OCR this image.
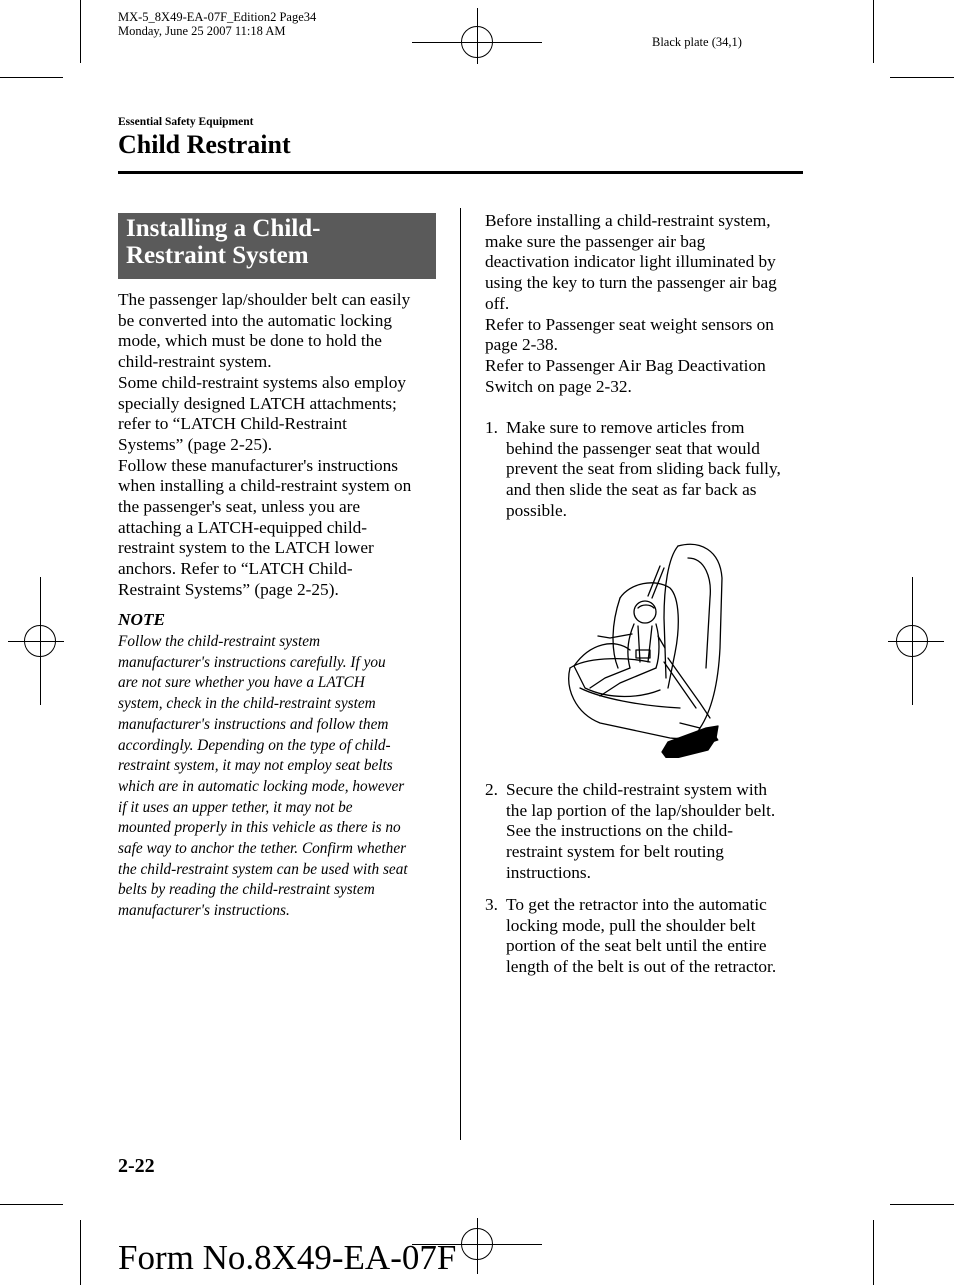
MX-5_8X49-EA-07F_Edition2 Page34
Monday, June 25 2007 11:18 AM
Black plate (34,1)
Essential Safety Equipment
Child Restraint
Installing a Child-
Restraint System
The passenger lap/shoulder belt can easily
be converted into the automatic locking
mode, which must be done to hold the
child-restraint system.
Some child-restraint systems also employ
specially designed LATCH attachments;
refer to “LATCH Child-Restraint
Systems” (page 2-25).
Follow these manufacturer's instructions
when installing a child-restraint system on
the passenger's seat, unless you are
attaching a LATCH-equipped child-
restraint system to the LATCH lower
anchors. Refer to “LATCH Child-
Restraint Systems” (page 2-25).
NOTE
Follow the child-restraint system
manufacturer's instructions carefully. If you
are not sure whether you have a LATCH
system, check in the child-restraint system
manufacturer's instructions and follow them
accordingly. Depending on the type of child-
restraint system, it may not employ seat belts
which are in automatic locking mode, however
if it uses an upper tether, it may not be
mounted properly in this vehicle as there is no
safe way to anchor the tether. Confirm whether
the child-restraint system can be used with seat
belts by reading the child-restraint system
manufacturer's instructions.
Before installing a child-restraint system,
make sure the passenger air bag
deactivation indicator light illuminated by
using the key to turn the passenger air bag
off.
Refer to Passenger seat weight sensors on
page 2-38.
Refer to Passenger Air Bag Deactivation
Switch on page 2-32.
1. Make sure to remove articles from
behind the passenger seat that would
prevent the seat from sliding back fully,
and then slide the seat as far back as
possible.
2. Secure the child-restraint system with
the lap portion of the lap/shoulder belt.
See the instructions on the child-
restraint system for belt routing
instructions.
3. To get the retractor into the automatic
locking mode, pull the shoulder belt
portion of the seat belt until the entire
length of the belt is out of the retractor.
2-22
Form No.8X49-EA-07F
